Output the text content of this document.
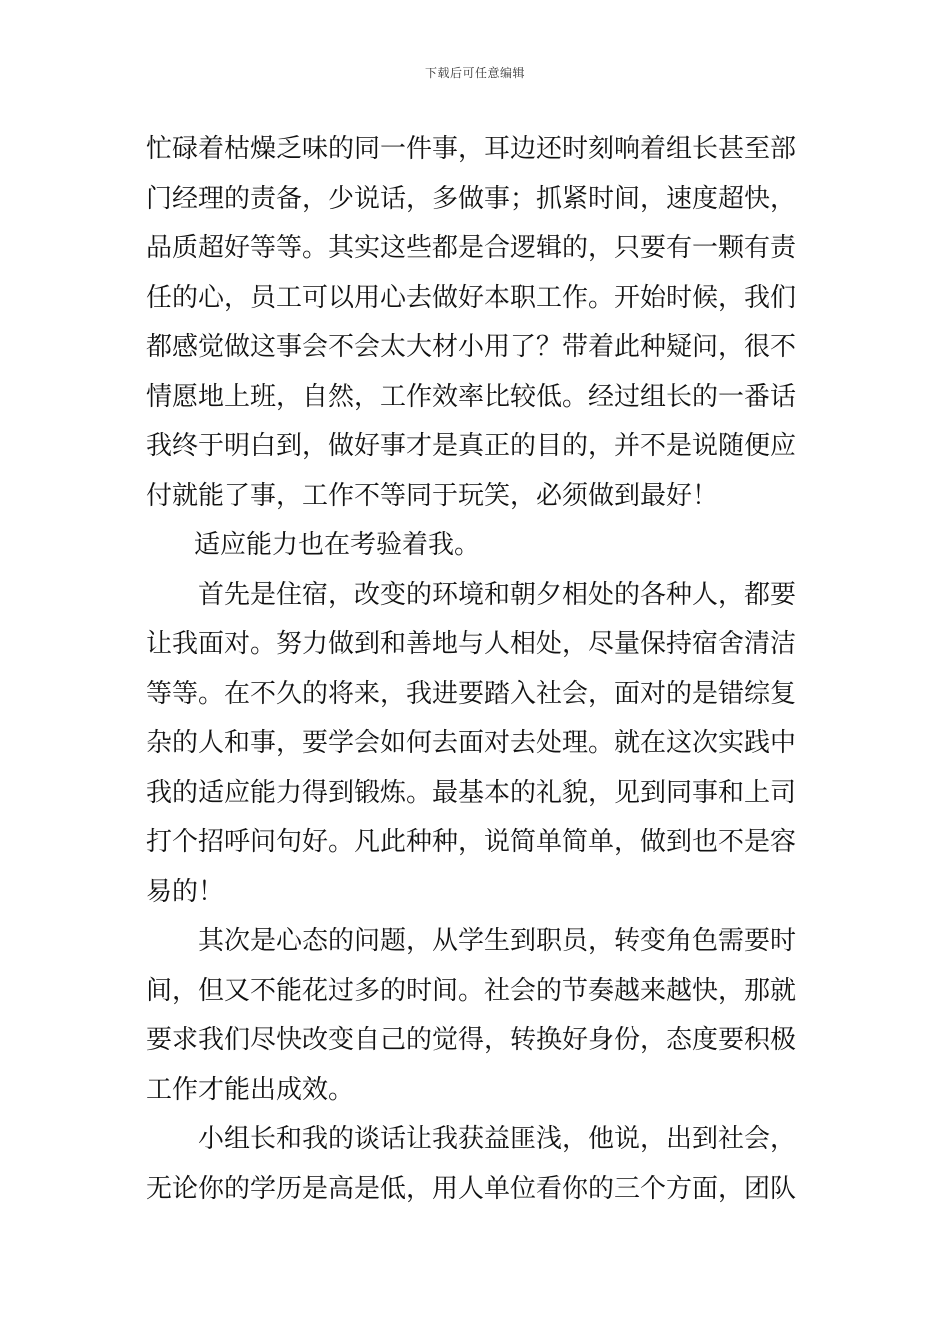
下载后可任意编辑
忙碌着枯燥乏味的同一件事，耳边还时刻响着组长甚至部
门经理的责备，少说话，多做事；抓紧时间，速度超快，
品质超好等等。其实这些都是合逻辑的，只要有一颗有责
任的心，员工可以用心去做好本职工作。开始时候，我们
都感觉做这事会不会太大材小用了？带着此种疑问，很不
情愿地上班，自然，工作效率比较低。经过组长的一番话
我终于明白到，做好事才是真正的目的，并不是说随便应
付就能了事，工作不等同于玩笑，必须做到最好！
适应能力也在考验着我。
首先是住宿，改变的环境和朝夕相处的各种人，都要
让我面对。努力做到和善地与人相处，尽量保持宿舍清洁
等等。在不久的将来，我进要踏入社会，面对的是错综复
杂的人和事，要学会如何去面对去处理。就在这次实践中
我的适应能力得到锻炼。最基本的礼貌，见到同事和上司
打个招呼问句好。凡此种种，说简单简单，做到也不是容
易的！
其次是心态的问题，从学生到职员，转变角色需要时
间，但又不能花过多的时间。社会的节奏越来越快，那就
要求我们尽快改变自己的觉得，转换好身份，态度要积极
工作才能出成效。
小组长和我的谈话让我获益匪浅，他说，出到社会，
无论你的学历是高是低，用人单位看你的三个方面，团队
